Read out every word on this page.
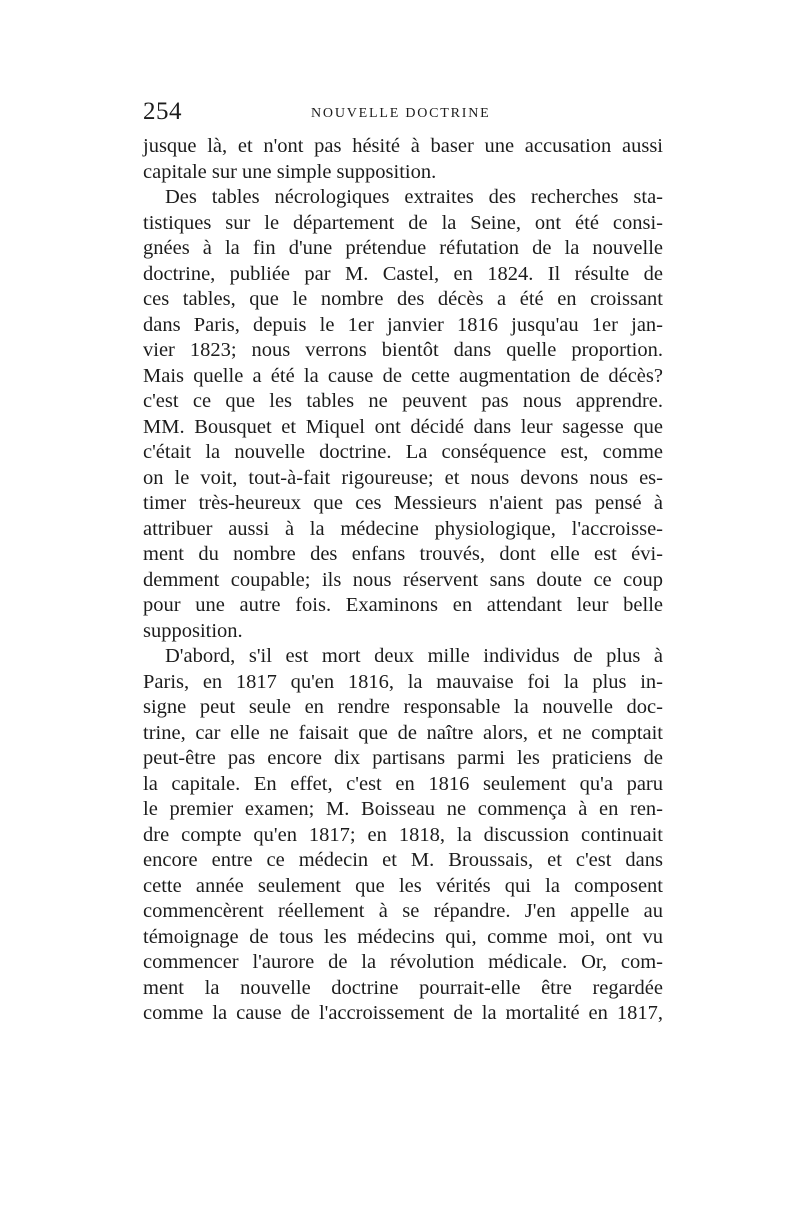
254	NOUVELLE DOCTRINE
jusque là, et n'ont pas hésité à baser une accusation aussi
capitale sur une simple supposition.
Des tables nécrologiques extraites des recherches sta-
tistiques sur le département de la Seine, ont été consi-
gnées à la fin d'une prétendue réfutation de la nouvelle
doctrine, publiée par M. Castel, en 1824. Il résulte de
ces tables, que le nombre des décès a été en croissant
dans Paris, depuis le 1er janvier 1816 jusqu'au 1er jan-
vier 1823; nous verrons bientôt dans quelle proportion.
Mais quelle a été la cause de cette augmentation de décès?
c'est ce que les tables ne peuvent pas nous apprendre.
MM. Bousquet et Miquel ont décidé dans leur sagesse que
c'était la nouvelle doctrine. La conséquence est, comme
on le voit, tout-à-fait rigoureuse; et nous devons nous es-
timer très-heureux que ces Messieurs n'aient pas pensé à
attribuer aussi à la médecine physiologique, l'accroisse-
ment du nombre des enfans trouvés, dont elle est évi-
demment coupable; ils nous réservent sans doute ce coup
pour une autre fois. Examinons en attendant leur belle
supposition.
D'abord, s'il est mort deux mille individus de plus à
Paris, en 1817 qu'en 1816, la mauvaise foi la plus in-
signe peut seule en rendre responsable la nouvelle doc-
trine, car elle ne faisait que de naître alors, et ne comptait
peut-être pas encore dix partisans parmi les praticiens de
la capitale. En effet, c'est en 1816 seulement qu'a paru
le premier examen; M. Boisseau ne commença à en ren-
dre compte qu'en 1817; en 1818, la discussion continuait
encore entre ce médecin et M. Broussais, et c'est dans
cette année seulement que les vérités qui la composent
commencèrent réellement à se répandre. J'en appelle au
témoignage de tous les médecins qui, comme moi, ont vu
commencer l'aurore de la révolution médicale. Or, com-
ment la nouvelle doctrine pourrait-elle être regardée
comme la cause de l'accroissement de la mortalité en 1817,
